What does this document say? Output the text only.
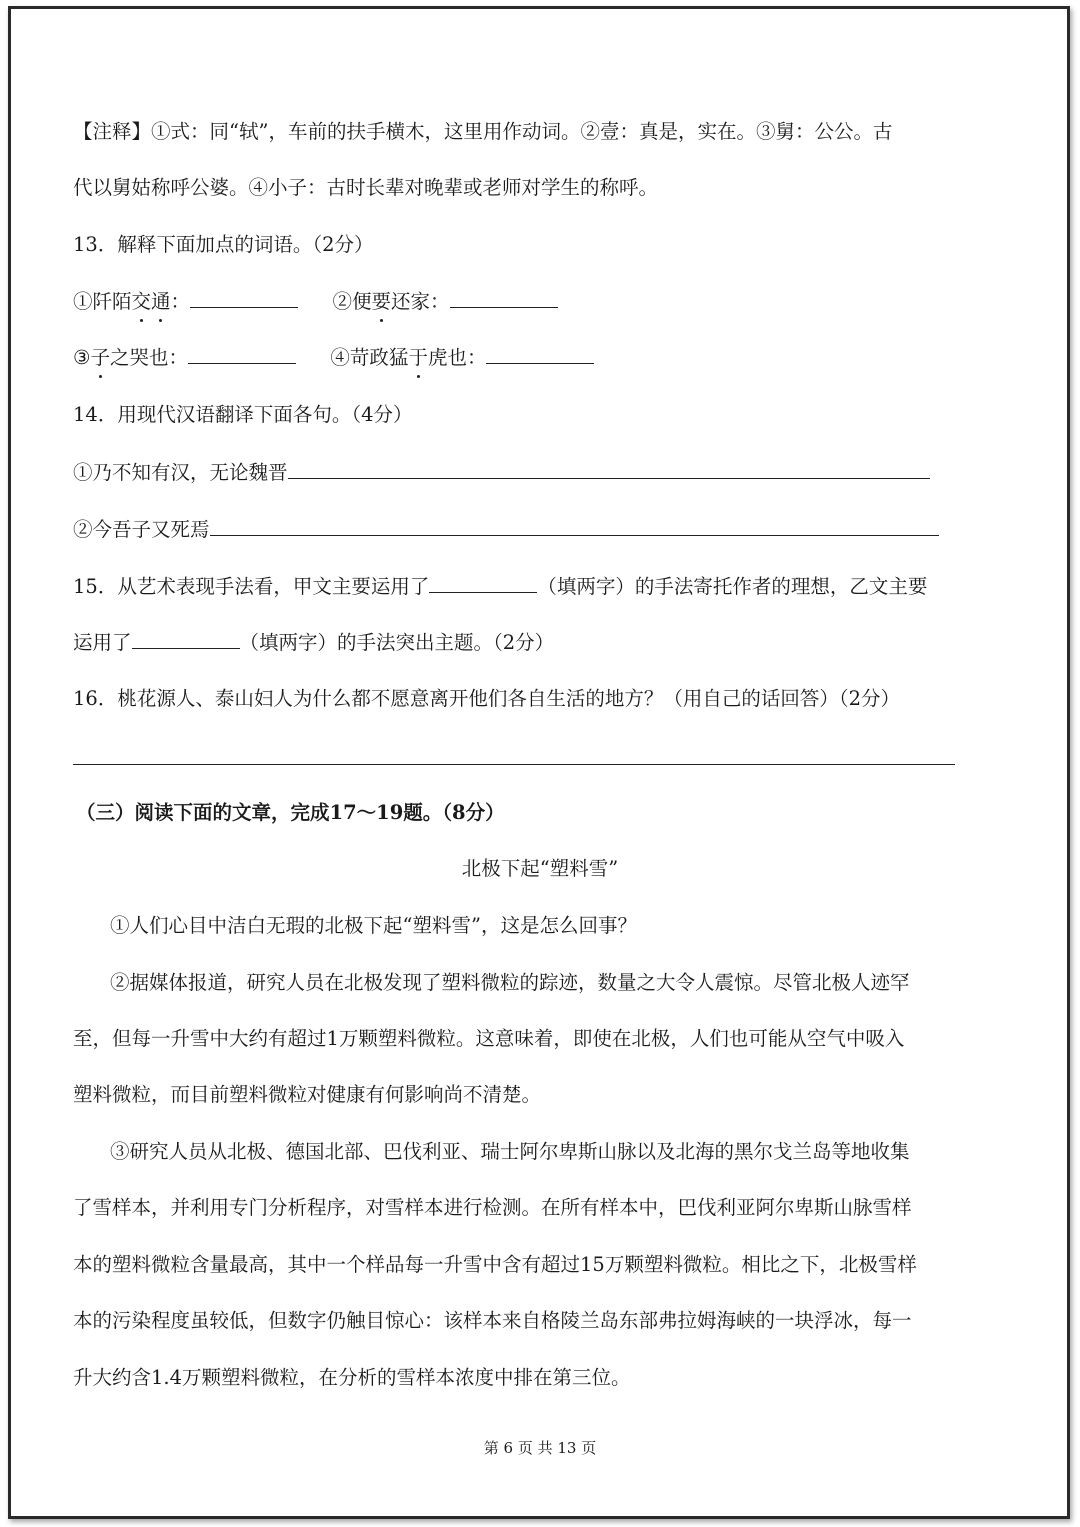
【注释】①式：同“轼”，车前的扶手横木，这里用作动词。②壹：真是，实在。③舅：公公。古
代以舅姑称呼公婆。④小子：古时长辈对晚辈或老师对学生的称呼。
13．解释下面加点的词语。（2分）
①阡陌交通：	②便要还家：
③子之哭也：	④苛政猛于虎也：
14．用现代汉语翻译下面各句。（4分）
①乃不知有汉，无论魏晋
②今吾子又死焉
15．从艺术表现手法看，甲文主要运用了	（填两字）的手法寄托作者的理想，乙文主要
运用了	（填两字）的手法突出主题。（2分）
16．桃花源人、泰山妇人为什么都不愿意离开他们各自生活的地方？（用自己的话回答）（2分）
（三）阅读下面的文章，完成17～19题。（8分）
北极下起“塑料雪”
①人们心目中洁白无瑕的北极下起“塑料雪”，这是怎么回事？
②据媒体报道，研究人员在北极发现了塑料微粒的踪迹，数量之大令人震惊。尽管北极人迹罕
至，但每一升雪中大约有超过1万颗塑料微粒。这意味着，即使在北极，人们也可能从空气中吸入
塑料微粒，而目前塑料微粒对健康有何影响尚不清楚。
③研究人员从北极、德国北部、巴伐利亚、瑞士阿尔卑斯山脉以及北海的黑尔戈兰岛等地收集
了雪样本，并利用专门分析程序，对雪样本进行检测。在所有样本中，巴伐利亚阿尔卑斯山脉雪样
本的塑料微粒含量最高，其中一个样品每一升雪中含有超过15万颗塑料微粒。相比之下，北极雪样
本的污染程度虽较低，但数字仍触目惊心：该样本来自格陵兰岛东部弗拉姆海峡的一块浮冰，每一
升大约含1.4万颗塑料微粒，在分析的雪样本浓度中排在第三位。
第 6 页 共 13 页
